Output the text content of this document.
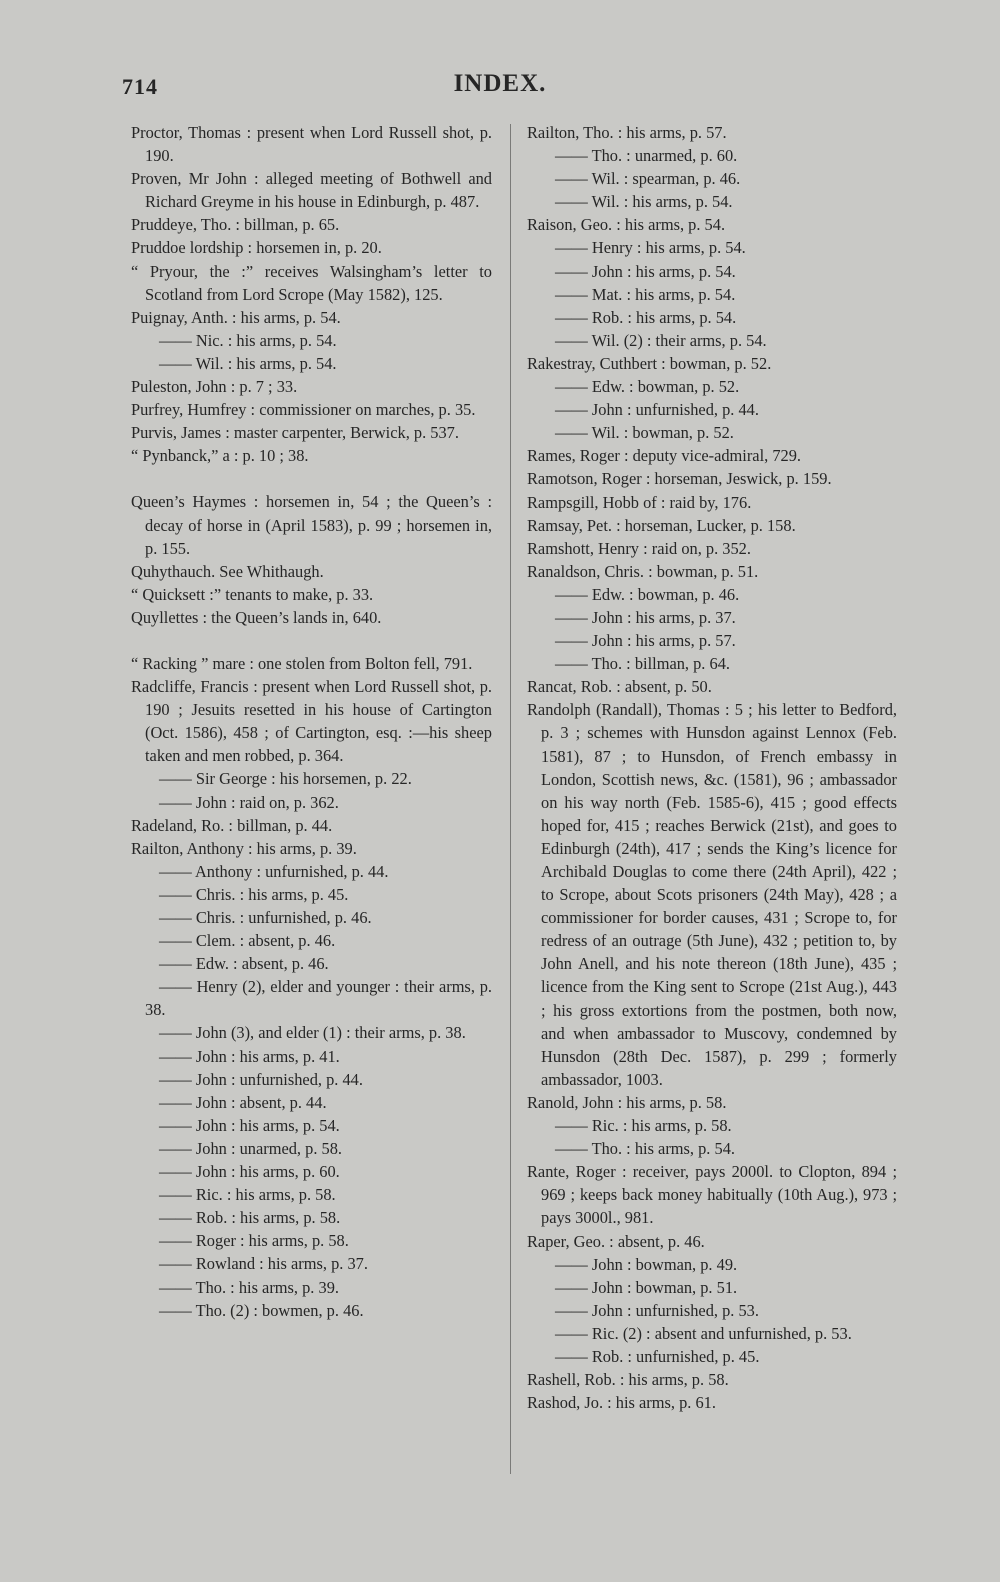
714	INDEX.
Proctor, Thomas : present when Lord Russell shot, p. 190.
Proven, Mr John : alleged meeting of Bothwell and Richard Greyme in his house in Edinburgh, p. 487.
Pruddeye, Tho. : billman, p. 65.
Pruddoe lordship : horsemen in, p. 20.
“ Pryour, the :” receives Walsingham’s letter to Scotland from Lord Scrope (May 1582), 125.
Puignay, Anth. : his arms, p. 54.
—— Nic. : his arms, p. 54.
—— Wil. : his arms, p. 54.
Puleston, John : p. 7 ; 33.
Purfrey, Humfrey : commissioner on marches, p. 35.
Purvis, James : master carpenter, Berwick, p. 537.
“ Pynbanck,” a : p. 10 ; 38.
Queen’s Haymes : horsemen in, 54 ; the Queen’s : decay of horse in (April 1583), p. 99 ; horsemen in, p. 155.
Quhythauch. See Whithaugh.
“ Quicksett :” tenants to make, p. 33.
Quyllettes : the Queen’s lands in, 640.
“ Racking ” mare : one stolen from Bolton fell, 791.
Radcliffe, Francis : present when Lord Russell shot, p. 190 ; Jesuits resetted in his house of Cartington (Oct. 1586), 458 ; of Cartington, esq. :—his sheep taken and men robbed, p. 364.
—— Sir George : his horsemen, p. 22.
—— John : raid on, p. 362.
Radeland, Ro. : billman, p. 44.
Railton, Anthony : his arms, p. 39.
—— Anthony : unfurnished, p. 44.
—— Chris. : his arms, p. 45.
—— Chris. : unfurnished, p. 46.
—— Clem. : absent, p. 46.
—— Edw. : absent, p. 46.
—— Henry (2), elder and younger : their arms, p. 38.
—— John (3), and elder (1) : their arms, p. 38.
—— John : his arms, p. 41.
—— John : unfurnished, p. 44.
—— John : absent, p. 44.
—— John : his arms, p. 54.
—— John : unarmed, p. 58.
—— John : his arms, p. 60.
—— Ric. : his arms, p. 58.
—— Rob. : his arms, p. 58.
—— Roger : his arms, p. 58.
—— Rowland : his arms, p. 37.
—— Tho. : his arms, p. 39.
—— Tho. (2) : bowmen, p. 46.
Railton, Tho. : his arms, p. 57.
—— Tho. : unarmed, p. 60.
—— Wil. : spearman, p. 46.
—— Wil. : his arms, p. 54.
Raison, Geo. : his arms, p. 54.
—— Henry : his arms, p. 54.
—— John : his arms, p. 54.
—— Mat. : his arms, p. 54.
—— Rob. : his arms, p. 54.
—— Wil. (2) : their arms, p. 54.
Rakestray, Cuthbert : bowman, p. 52.
—— Edw. : bowman, p. 52.
—— John : unfurnished, p. 44.
—— Wil. : bowman, p. 52.
Rames, Roger : deputy vice-admiral, 729.
Ramotson, Roger : horseman, Jeswick, p. 159.
Rampsgill, Hobb of : raid by, 176.
Ramsay, Pet. : horseman, Lucker, p. 158.
Ramshott, Henry : raid on, p. 352.
Ranaldson, Chris. : bowman, p. 51.
—— Edw. : bowman, p. 46.
—— John : his arms, p. 37.
—— John : his arms, p. 57.
—— Tho. : billman, p. 64.
Rancat, Rob. : absent, p. 50.
Randolph (Randall), Thomas : 5 ; his letter to Bedford, p. 3 ; schemes with Hunsdon against Lennox (Feb. 1581), 87 ; to Hunsdon, of French embassy in London, Scottish news, &c. (1581), 96 ; ambassador on his way north (Feb. 1585-6), 415 ; good effects hoped for, 415 ; reaches Berwick (21st), and goes to Edinburgh (24th), 417 ; sends the King’s licence for Archibald Douglas to come there (24th April), 422 ; to Scrope, about Scots prisoners (24th May), 428 ; a commissioner for border causes, 431 ; Scrope to, for redress of an outrage (5th June), 432 ; petition to, by John Anell, and his note thereon (18th June), 435 ; licence from the King sent to Scrope (21st Aug.), 443 ; his gross extortions from the postmen, both now, and when ambassador to Muscovy, condemned by Hunsdon (28th Dec. 1587), p. 299 ; formerly ambassador, 1003.
Ranold, John : his arms, p. 58.
—— Ric. : his arms, p. 58.
—— Tho. : his arms, p. 54.
Rante, Roger : receiver, pays 2000l. to Clopton, 894 ; 969 ; keeps back money habitually (10th Aug.), 973 ; pays 3000l., 981.
Raper, Geo. : absent, p. 46.
—— John : bowman, p. 49.
—— John : bowman, p. 51.
—— John : unfurnished, p. 53.
—— Ric. (2) : absent and unfurnished, p. 53.
—— Rob. : unfurnished, p. 45.
Rashell, Rob. : his arms, p. 58.
Rashod, Jo. : his arms, p. 61.
